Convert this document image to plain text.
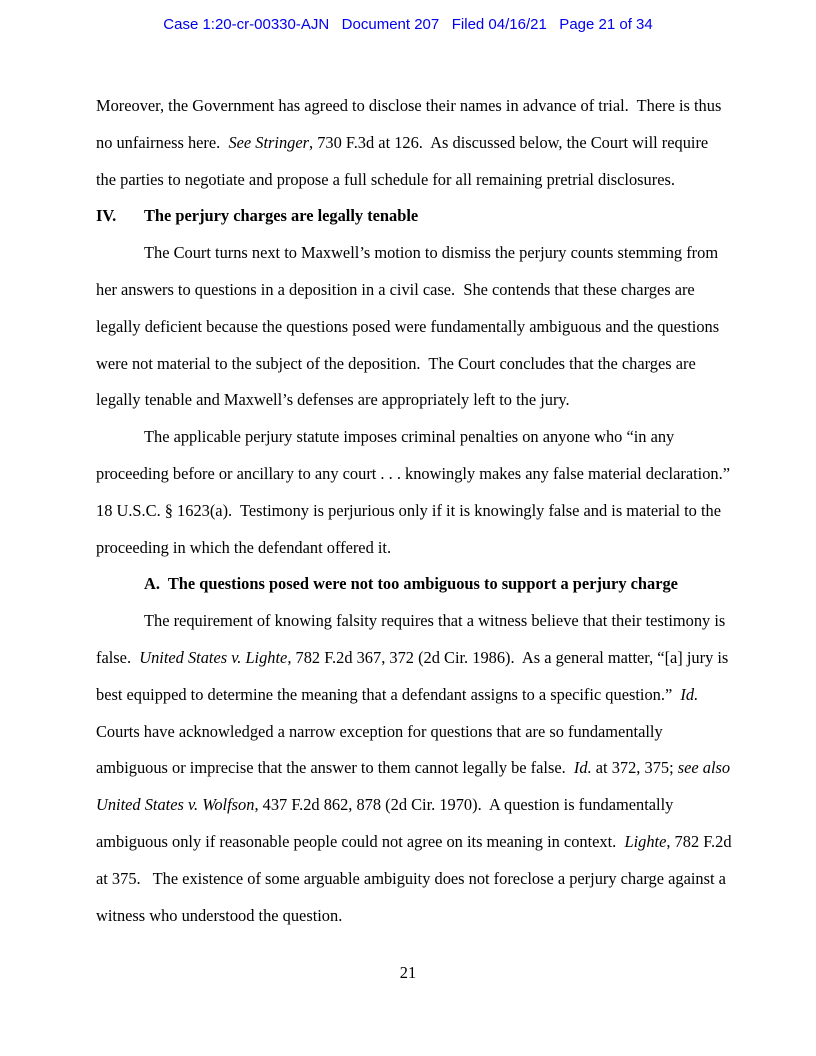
Case 1:20-cr-00330-AJN   Document 207   Filed 04/16/21   Page 21 of 34
Moreover, the Government has agreed to disclose their names in advance of trial.  There is thus
no unfairness here.  See Stringer, 730 F.3d at 126.  As discussed below, the Court will require
the parties to negotiate and propose a full schedule for all remaining pretrial disclosures.
IV. The perjury charges are legally tenable
The Court turns next to Maxwell’s motion to dismiss the perjury counts stemming from
her answers to questions in a deposition in a civil case.  She contends that these charges are
legally deficient because the questions posed were fundamentally ambiguous and the questions
were not material to the subject of the deposition.  The Court concludes that the charges are
legally tenable and Maxwell’s defenses are appropriately left to the jury.
The applicable perjury statute imposes criminal penalties on anyone who “in any
proceeding before or ancillary to any court . . . knowingly makes any false material declaration.”
18 U.S.C. § 1623(a).  Testimony is perjurious only if it is knowingly false and is material to the
proceeding in which the defendant offered it.
A.  The questions posed were not too ambiguous to support a perjury charge
The requirement of knowing falsity requires that a witness believe that their testimony is
false.  United States v. Lighte, 782 F.2d 367, 372 (2d Cir. 1986).  As a general matter, “[a] jury is
best equipped to determine the meaning that a defendant assigns to a specific question.”  Id.
Courts have acknowledged a narrow exception for questions that are so fundamentally
ambiguous or imprecise that the answer to them cannot legally be false.  Id. at 372, 375; see also
United States v. Wolfson, 437 F.2d 862, 878 (2d Cir. 1970).  A question is fundamentally
ambiguous only if reasonable people could not agree on its meaning in context.  Lighte, 782 F.2d
at 375.   The existence of some arguable ambiguity does not foreclose a perjury charge against a
witness who understood the question.
21
